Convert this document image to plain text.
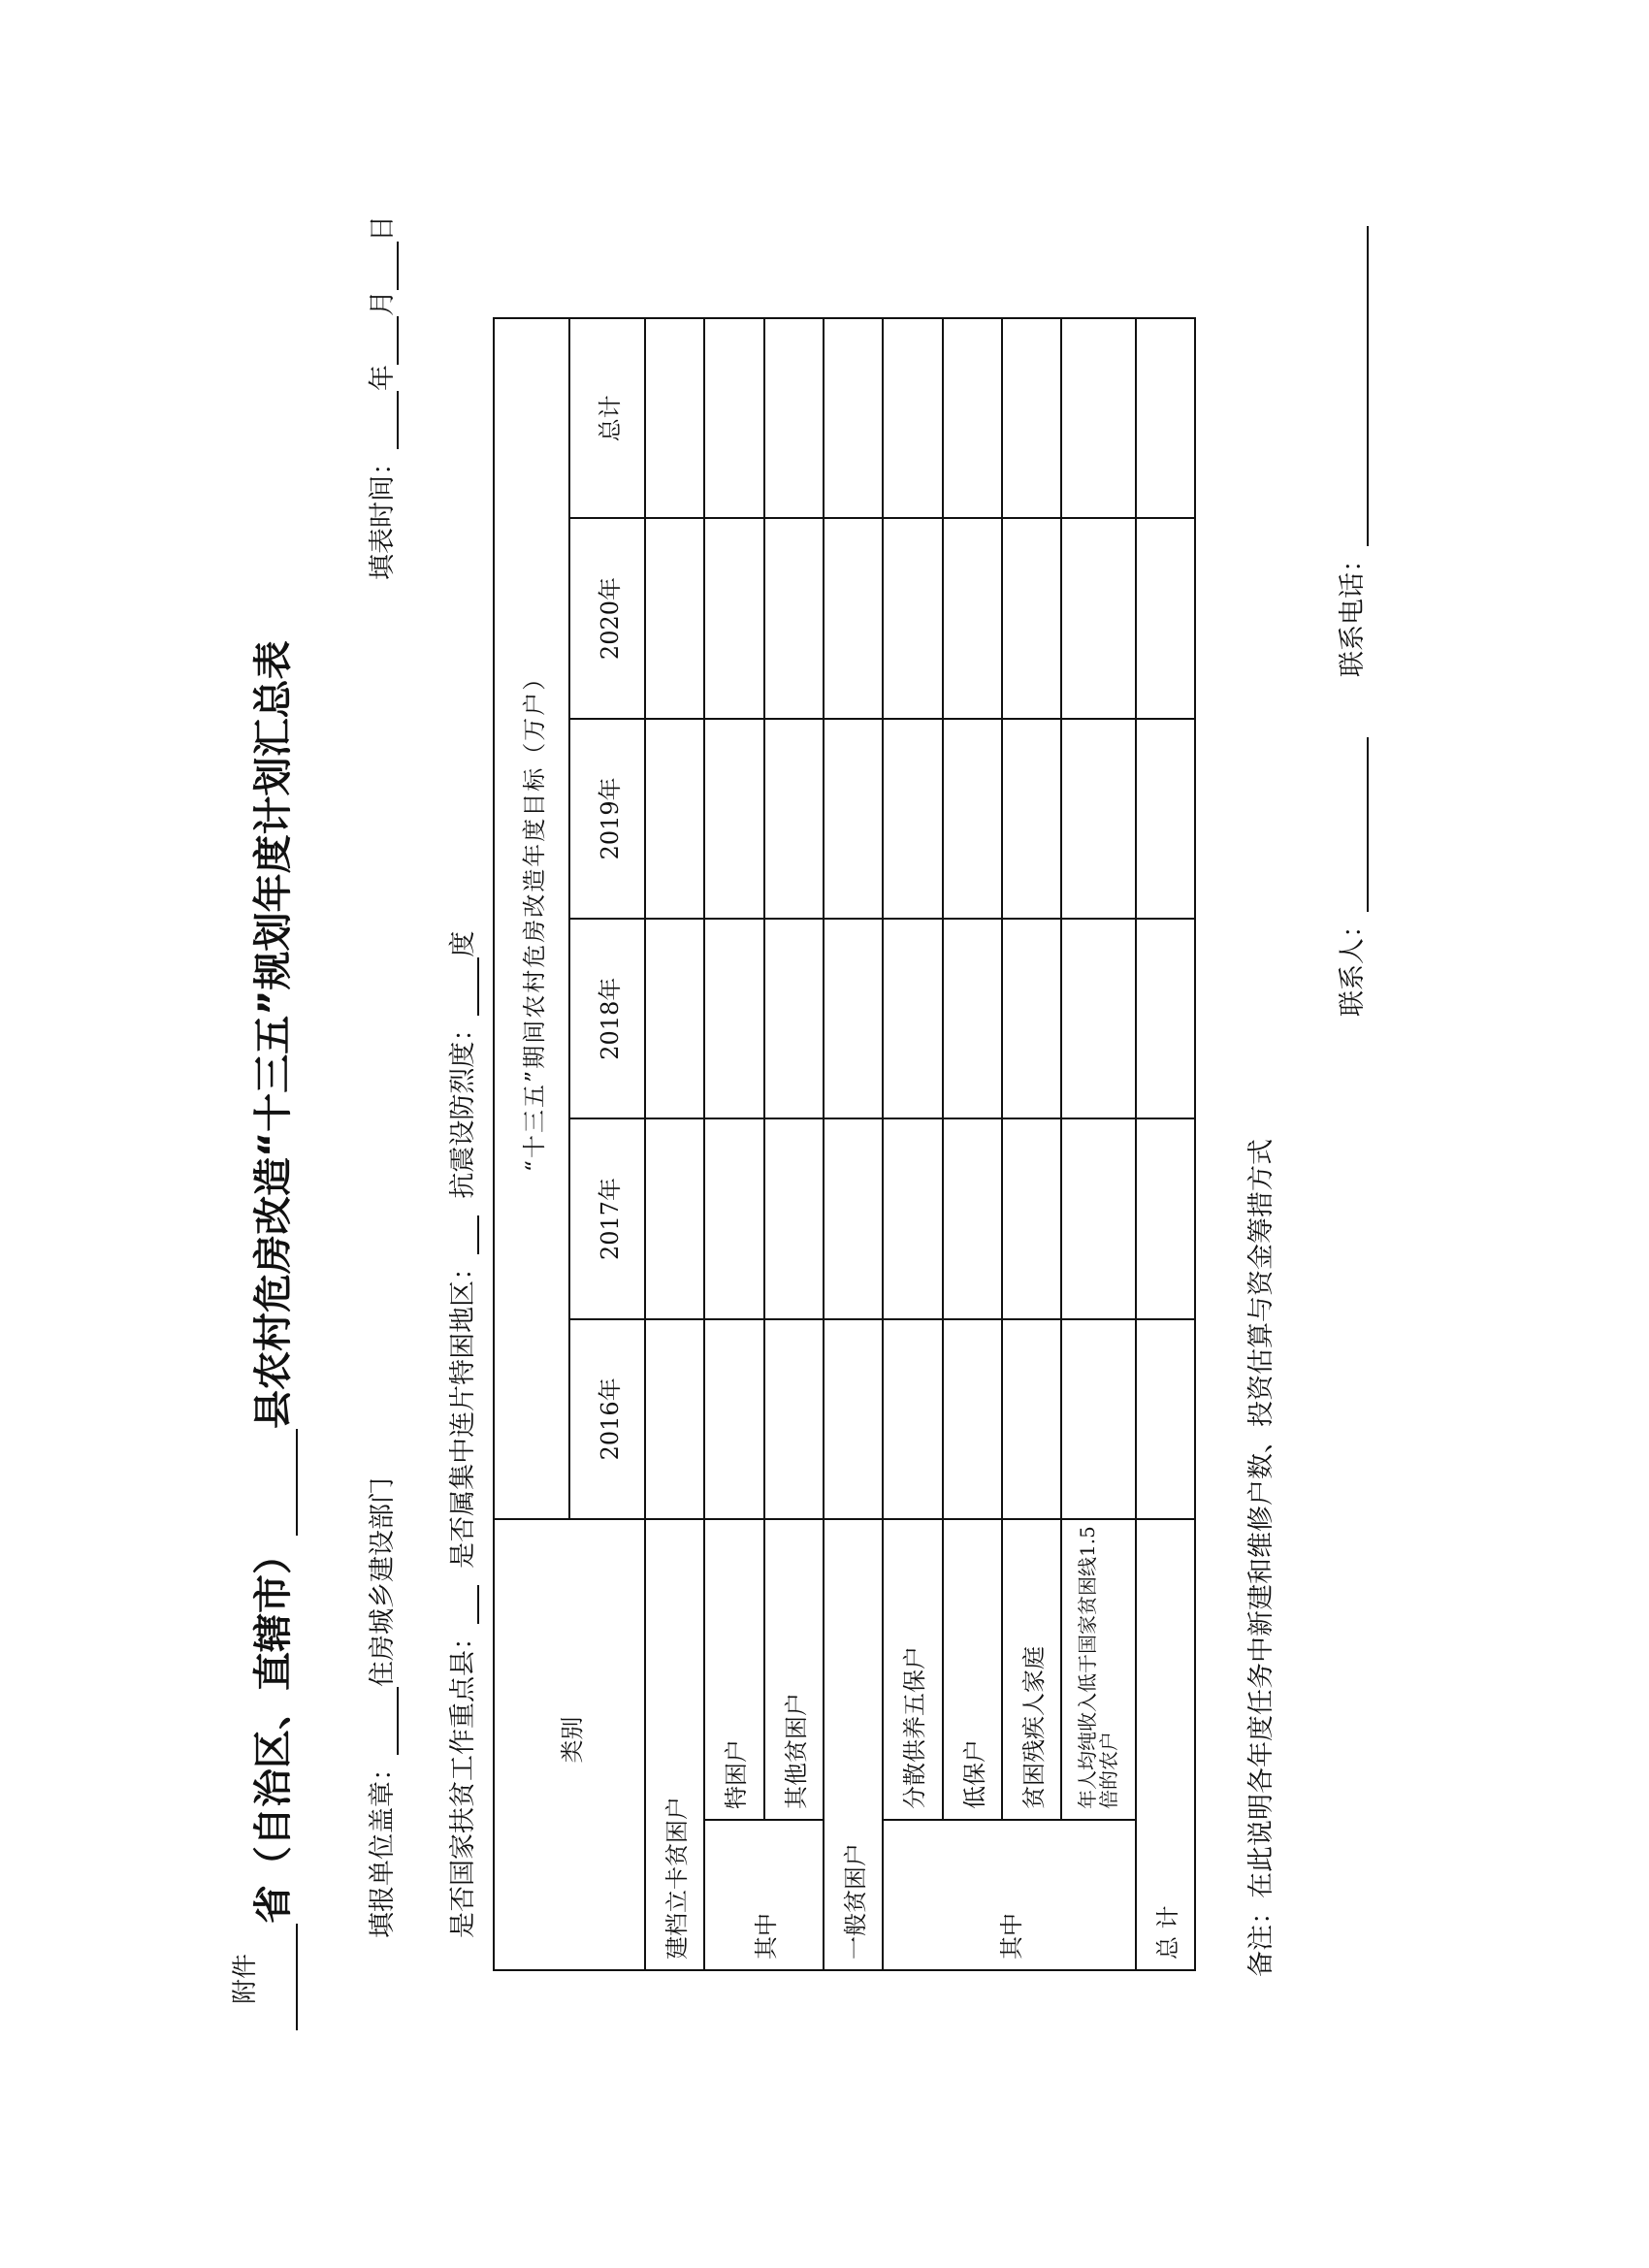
附件
省（自治区、直辖市）县农村危房改造“十三五”规划年度计划汇总表
填报单位盖章：住房城乡建设部门
填表时间：年月日
是否国家扶贫工作重点县：  是否属集中连片特困地区：  抗震设防烈度：度
类别		“十三五”期间农村危房改造年度目标（万户）					
		2016年	2017年	2018年	2019年	2020年	总计
建档立卡贫困户							
其中	特困户						
	其他贫困户						
一般贫困户							
其中	分散供养五保户						
	低保户						
	贫困残疾人家庭						
	年人均纯收入低于国家贫困线1.5倍的农户						
总 计							备注：在此说明各年度任务中新建和维修户数、投资估算与资金筹措方式
联系人：
联系电话：
